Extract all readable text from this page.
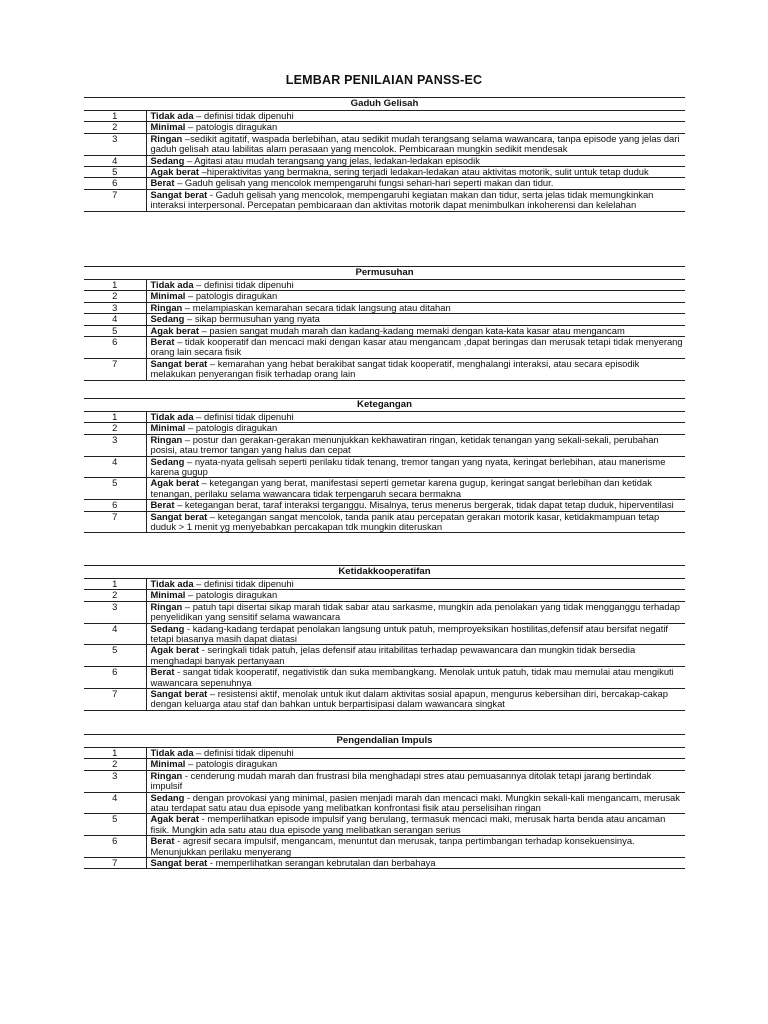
LEMBAR PENILAIAN PANSS-EC
Gaduh Gelisah	
1	Tidak ada – definisi tidak dipenuhi
2	Minimal – patologis diragukan
3	Ringan –sedikit agitatif, waspada berlebihan, atau sedikit mudah terangsang selama wawancara, tanpa episode yang jelas dari gaduh gelisah atau labilitas alam perasaan yang mencolok. Pembicaraan mungkin sedikit mendesak
4	Sedang – Agitasi atau mudah terangsang yang jelas, ledakan-ledakan episodik
5	Agak berat –hiperaktivitas yang bermakna, sering terjadi ledakan-ledakan atau aktivitas motorik, sulit untuk tetap duduk
6	Berat – Gaduh gelisah yang mencolok mempengaruhi fungsi sehari-hari seperti makan dan tidur.
7	Sangat berat - Gaduh gelisah yang mencolok, mempengaruhi kegiatan makan dan tidur, serta jelas tidak memungkinkan interaksi interpersonal. Percepatan pembicaraan dan aktivitas motorik dapat menimbulkan inkoherensi dan kelelahan
Permusuhan	
1	Tidak ada – definisi tidak dipenuhi
2	Minimal – patologis diragukan
3	Ringan – melampiaskan kemarahan secara tidak langsung atau ditahan
4	Sedang – sikap bermusuhan yang nyata
5	Agak berat – pasien sangat mudah marah dan kadang-kadang memaki dengan kata-kata kasar atau mengancam
6	Berat – tidak kooperatif dan mencaci maki dengan kasar atau mengancam ,dapat beringas dan merusak tetapi tidak menyerang orang lain secara fisik
7	Sangat berat – kemarahan yang hebat berakibat sangat tidak kooperatif, menghalangi interaksi, atau secara episodik melakukan penyerangan fisik terhadap orang lain
Ketegangan	
1	Tidak ada – definisi tidak dipenuhi
2	Minimal – patologis diragukan
3	Ringan – postur dan gerakan-gerakan menunjukkan kekhawatiran ringan, ketidak tenangan yang sekali-sekali, perubahan posisi, atau tremor tangan yang halus dan cepat
4	Sedang – nyata-nyata gelisah seperti perilaku tidak tenang, tremor tangan yang nyata, keringat berlebihan, atau manerisme karena gugup
5	Agak berat – ketegangan yang berat, manifestasi seperti gemetar karena gugup, keringat sangat berlebihan dan ketidak tenangan, perilaku selama wawancara tidak terpengaruh secara bermakna
6	Berat – ketegangan berat, taraf interaksi terganggu. Misalnya, terus menerus bergerak, tidak dapat tetap duduk, hiperventilasi
7	Sangat berat – ketegangan sangat mencolok, tanda panik atau percepatan gerakan motorik kasar, ketidakmampuan tetap duduk > 1 menit yg menyebabkan percakapan tdk mungkin diteruskan
Ketidakkooperatifan	
1	Tidak ada – definisi tidak dipenuhi
2	Minimal – patologis diragukan
3	Ringan – patuh tapi disertai sikap marah tidak sabar atau sarkasme, mungkin ada penolakan yang tidak mengganggu terhadap penyelidikan yang sensitif selama wawancara
4	Sedang - kadang-kadang terdapat penolakan langsung untuk patuh, memproyeksikan hostilitas,defensif atau bersifat negatif tetapi biasanya masih dapat diatasi
5	Agak berat - seringkali tidak patuh, jelas defensif atau iritabilitas terhadap pewawancara dan mungkin tidak bersedia menghadapi banyak pertanyaan
6	Berat - sangat tidak kooperatif, negativistik dan suka membangkang. Menolak untuk patuh, tidak mau memulai atau mengikuti wawancara sepenuhnya
7	Sangat berat – resistensi aktif, menolak untuk ikut dalam aktivitas sosial apapun, mengurus kebersihan diri, bercakap-cakap dengan keluarga atau staf dan bahkan untuk berpartisipasi dalam wawancara singkat
Pengendalian Impuls	
1	Tidak ada – definisi tidak dipenuhi
2	Minimal – patologis diragukan
3	Ringan - cenderung mudah marah dan frustrasi bila menghadapi stres atau pemuasannya ditolak tetapi jarang bertindak impulsif
4	Sedang - dengan provokasi yang minimal, pasien menjadi marah dan mencaci maki. Mungkin sekali-kali mengancam, merusak atau terdapat satu atau dua episode yang melibatkan konfrontasi fisik atau perselisihan ringan
5	Agak berat - memperlihatkan episode impulsif yang berulang, termasuk mencaci maki, merusak harta benda atau ancaman fisik. Mungkin ada satu atau dua episode yang melibatkan serangan serius
6	Berat - agresif secara impulsif, mengancam, menuntut dan merusak, tanpa pertimbangan terhadap konsekuensinya. Menunjukkan perilaku menyerang
7	Sangat berat - memperlihatkan serangan kebrutalan dan berbahaya
